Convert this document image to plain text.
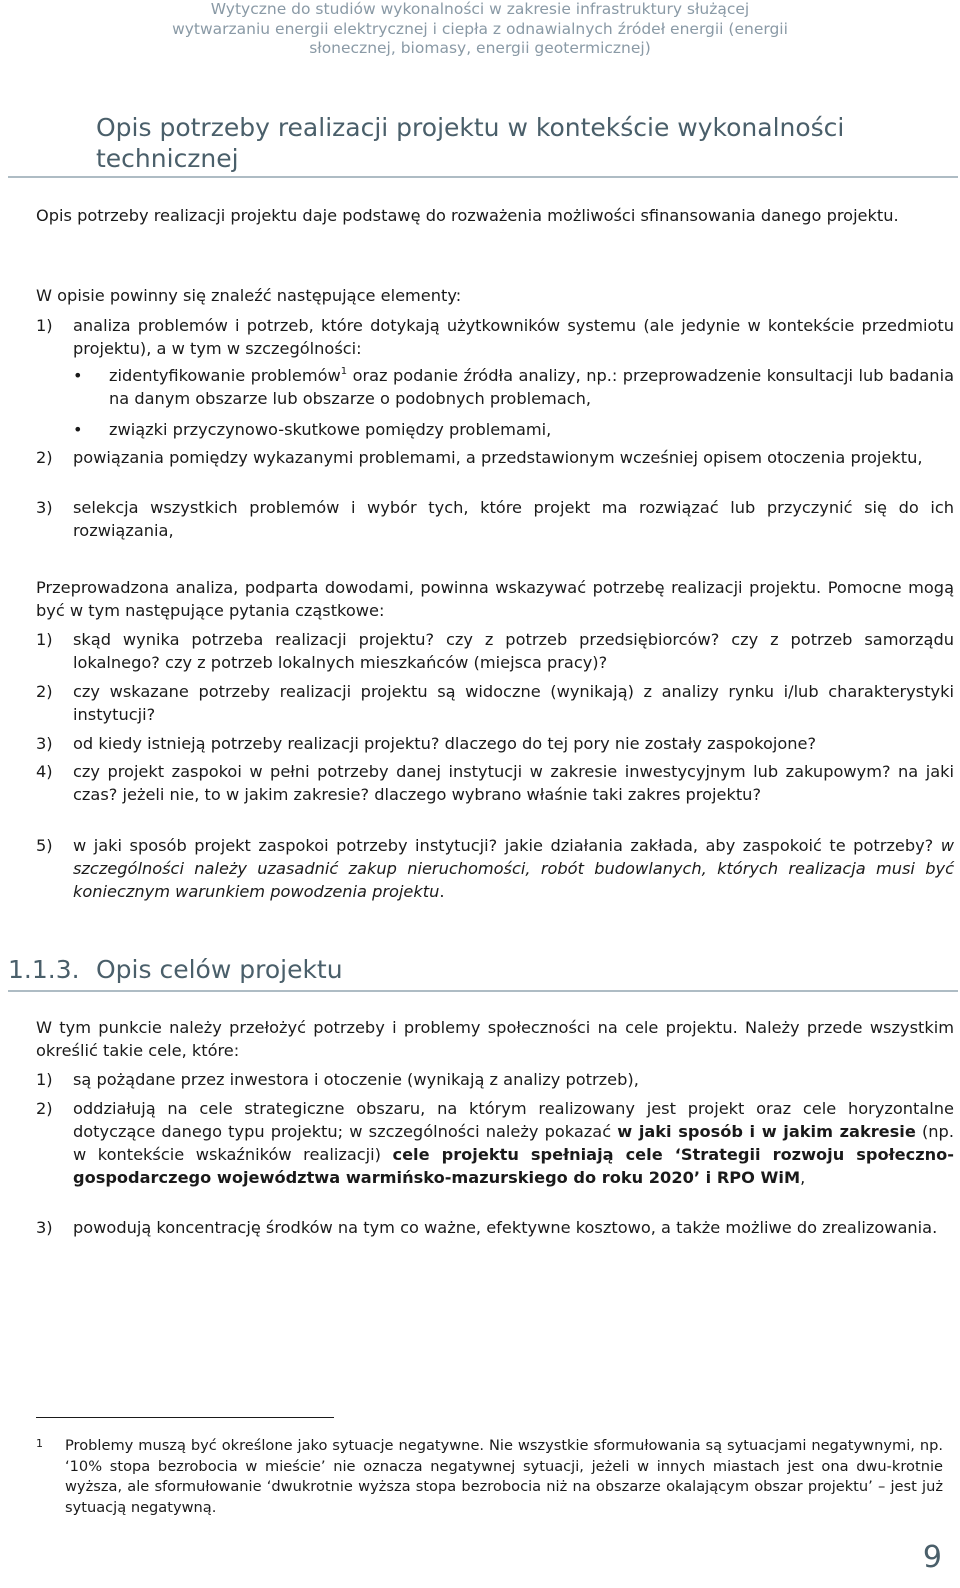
Wytyczne do studiów wykonalności w zakresie infrastruktury służącej
wytwarzaniu energii elektrycznej i ciepła z odnawialnych źródeł energii (energii
słonecznej, biomasy, energii geotermicznej)
Opis potrzeby realizacji projektu w kontekście wykonalności technicznej
Opis potrzeby realizacji projektu daje podstawę do rozważenia możliwości sfinansowania danego projektu.
W opisie powinny się znaleźć następujące elementy:
1) analiza problemów i potrzeb, które dotykają użytkowników systemu (ale jedynie w kontekście przedmiotu projektu), a w tym w szczególności:
• zidentyfikowanie problemów$^1$ oraz podanie źródła analizy, np.: przeprowadzenie konsultacji lub badania na danym obszarze lub obszarze o podobnych problemach,
• związki przyczynowo-skutkowe pomiędzy problemami,
2) powiązania pomiędzy wykazanymi problemami, a przedstawionym wcześniej opisem otoczenia projektu,
3) selekcja wszystkich problemów i wybór tych, które projekt ma rozwiązać lub przyczynić się do ich rozwiązania,
Przeprowadzona analiza, podparta dowodami, powinna wskazywać potrzebę realizacji projektu. Pomocne mogą być w tym następujące pytania cząstkowe:
1) skąd wynika potrzeba realizacji projektu? czy z potrzeb przedsiębiorców? czy z potrzeb samorządu lokalnego? czy z potrzeb lokalnych mieszkańców (miejsca pracy)?
2) czy wskazane potrzeby realizacji projektu są widoczne (wynikają) z analizy rynku i/lub charakterystyki instytucji?
3) od kiedy istnieją potrzeby realizacji projektu? dlaczego do tej pory nie zostały zaspokojone?
4) czy projekt zaspokoi w pełni potrzeby danej instytucji w zakresie inwestycyjnym lub zakupowym? na jaki czas? jeżeli nie, to w jakim zakresie? dlaczego wybrano właśnie taki zakres projektu?
5) w jaki sposób projekt zaspokoi potrzeby instytucji? jakie działania zakłada, aby zaspokoić te potrzeby? w szczególności należy uzasadnić zakup nieruchomości, robót budowlanych, których realizacja musi być koniecznym warunkiem powodzenia projektu.
1.1.3. Opis celów projektu
W tym punkcie należy przełożyć potrzeby i problemy społeczności na cele projektu. Należy przede wszystkim określić takie cele, które:
1) są pożądane przez inwestora i otoczenie (wynikają z analizy potrzeb),
2) oddziałują na cele strategiczne obszaru, na którym realizowany jest projekt oraz cele horyzontalne dotyczące danego typu projektu; w szczególności należy pokazać w jaki sposób i w jakim zakresie (np. w kontekście wskaźników realizacji) cele projektu spełniają cele ‘Strategii rozwoju społeczno-gospodarczego województwa warmińsko-mazurskiego do roku 2020’ i RPO WiM,
3) powodują koncentrację środków na tym co ważne, efektywne kosztowo, a także możliwe do zrealizowania.
1 Problemy muszą być określone jako sytuacje negatywne. Nie wszystkie sformułowania są sytuacjami negatywnymi, np. ‘10% stopa bezrobocia w mieście’ nie oznacza negatywnej sytuacji, jeżeli w innych miastach jest ona dwu-krotnie wyższa, ale sformułowanie ‘dwukrotnie wyższa stopa bezrobocia niż na obszarze okalającym obszar projektu’ – jest już sytuacją negatywną.
9
